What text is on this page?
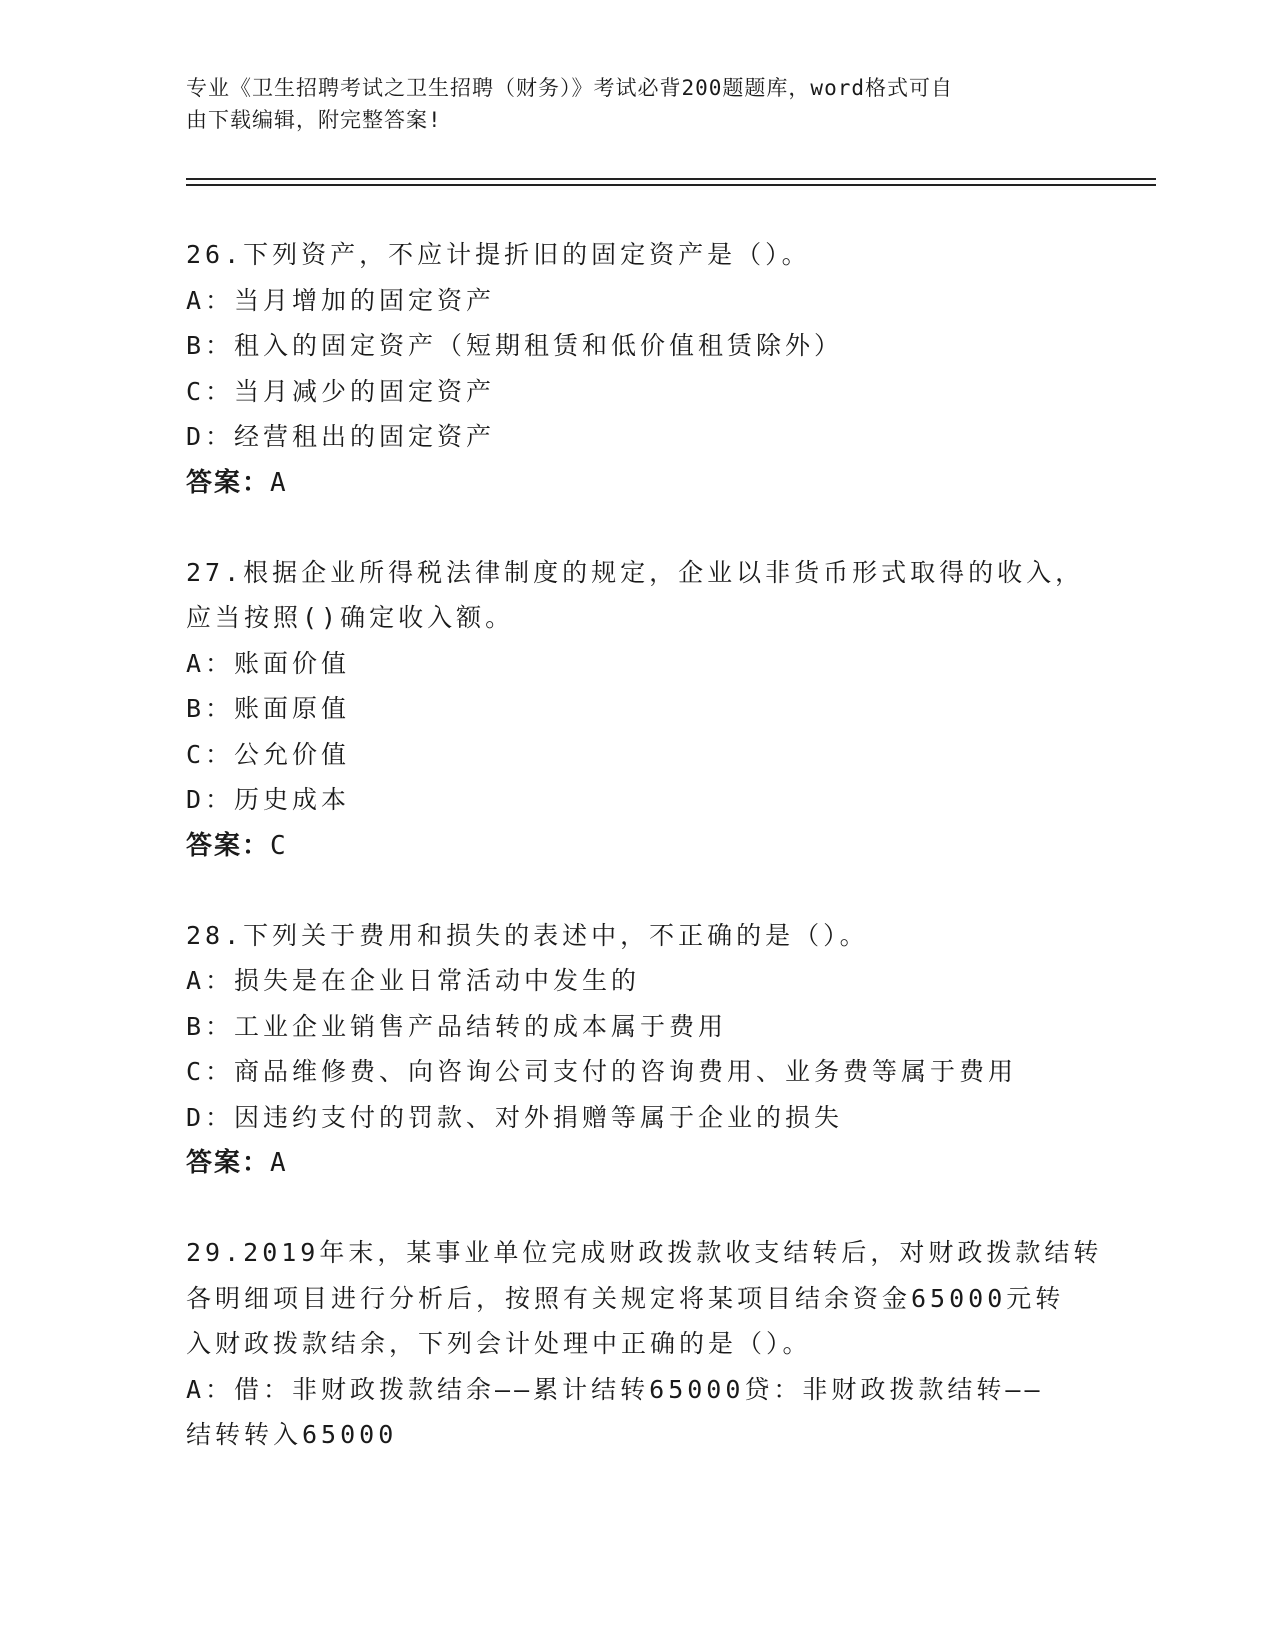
专业《卫生招聘考试之卫生招聘（财务）》考试必背200题题库，word格式可自
由下载编辑，附完整答案!
26.下列资产，不应计提折旧的固定资产是（）。
A：当月增加的固定资产
B：租入的固定资产（短期租赁和低价值租赁除外）
C：当月减少的固定资产
D：经营租出的固定资产
答案：A
27.根据企业所得税法律制度的规定，企业以非货币形式取得的收入，
应当按照()确定收入额。
A：账面价值
B：账面原值
C：公允价值
D：历史成本
答案：C
28.下列关于费用和损失的表述中，不正确的是（）。
A：损失是在企业日常活动中发生的
B：工业企业销售产品结转的成本属于费用
C：商品维修费、向咨询公司支付的咨询费用、业务费等属于费用
D：因违约支付的罚款、对外捐赠等属于企业的损失
答案：A
29.2019年末，某事业单位完成财政拨款收支结转后，对财政拨款结转
各明细项目进行分析后，按照有关规定将某项目结余资金65000元转
入财政拨款结余，下列会计处理中正确的是（）。
A：借：非财政拨款结余——累计结转65000贷：非财政拨款结转——
结转转入65000
